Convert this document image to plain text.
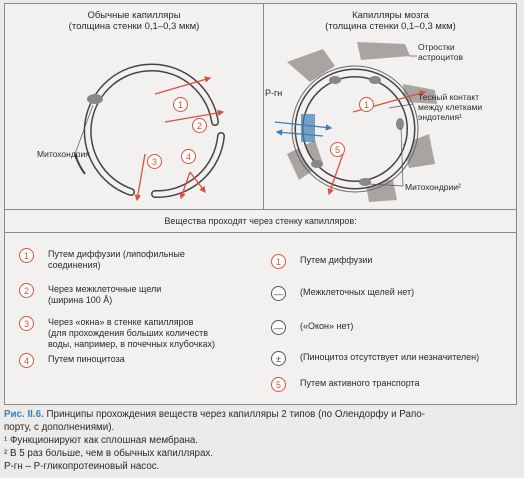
Обычные капилляры
(толщина стенки 0,1–0,3 мкм)
Капилляры мозга
(толщина стенки 0,1–0,3 мкм)
1
2
3	4
1
5
Митохондрия
Отростки
астроцитов
Р-гн	Тесный контакт
между клетками
эндотелия¹
Митохондрии²
Вещества проходят через стенку капилляров:
1	Путем диффузии (липофильные
соединения)
2	Через межклеточные щели
(ширина 100 Å)
3	Через «окна» в стенке капилляров
(для прохождения больших количеств
воды, например, в почечных клубочках)
4	Путем пиноцитоза
1	Путем диффузии
—	(Межклеточных щелей нет)
—	(«Окон» нет)
±	(Пиноцитоз отсутствует или незначителен)
5	Путем активного транспорта
Рис. II.6. Принципы прохождения веществ через капилляры 2 типов (по Олендорфу и Рапо-
порту, с дополнениями).
¹ Функционируют как сплошная мембрана.
² В 5 раз больше, чем в обычных капиллярах.
Р-гн – Р-гликопротеиновый насос.
